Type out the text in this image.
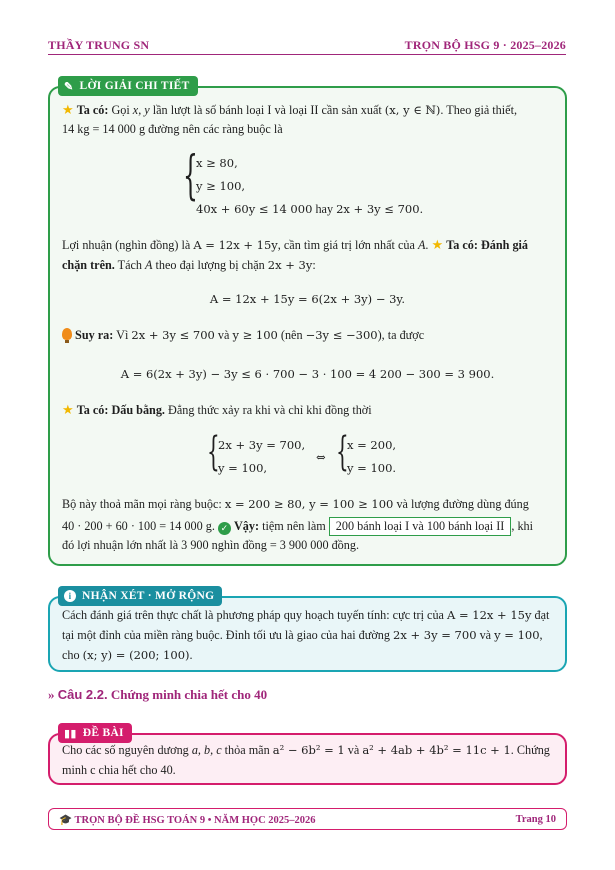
THẦY TRUNG SN	TRỌN BỘ HSG 9 · 2025–2026
✎ LỜI GIẢI CHI TIẾT
★ Ta có: Gọi x, y lần lượt là số bánh loại I và loại II cần sản xuất (x, y ∈ ℕ). Theo giả thiết,
14 kg = 14 000 g đường nên các ràng buộc là
{
x ≥ 80,
y ≥ 100,
40x + 60y ≤ 14 000 hay 2x + 3y ≤ 700.
Lợi nhuận (nghìn đồng) là A = 12x + 15y, cần tìm giá trị lớn nhất của A. ★ Ta có: Đánh giá
chặn trên. Tách A theo đại lượng bị chặn 2x + 3y:
A = 12x + 15y = 6(2x + 3y) − 3y.
Suy ra: Vì 2x + 3y ≤ 700 và y ≥ 100 (nên −3y ≤ −300), ta được
A = 6(2x + 3y) − 3y ≤ 6 · 700 − 3 · 100 = 4 200 − 300 = 3 900.
★ Ta có: Dấu bằng. Đẳng thức xảy ra khi và chỉ khi đồng thời
{
2x + 3y = 700,
y = 100,
⇔ {
x = 200,
y = 100.
Bộ này thoả mãn mọi ràng buộc: x = 200 ≥ 80, y = 100 ≥ 100 và lượng đường dùng đúng
40 · 200 + 60 · 100 = 14 000 g. ✓ Vậy: tiệm nên làm 200 bánh loại I và 100 bánh loại II , khi
đó lợi nhuận lớn nhất là 3 900 nghìn đồng = 3 900 000 đồng.
i NHẬN XÉT · MỞ RỘNG
Cách đánh giá trên thực chất là phương pháp quy hoạch tuyến tính: cực trị của A = 12x + 15y đạt
tại một đỉnh của miền ràng buộc. Đỉnh tối ưu là giao của hai đường 2x + 3y = 700 và y = 100,
cho (x; y) = (200; 100).
» Câu 2.2. Chứng minh chia hết cho 40
▮▮ ĐỀ BÀI
Cho các số nguyên dương a, b, c thỏa mãn a² − 6b² = 1 và a² + 4ab + 4b² = 11c + 1. Chứng
minh c chia hết cho 40.
🎓 TRỌN BỘ ĐỀ HSG TOÁN 9 • NĂM HỌC 2025–2026	Trang 10
